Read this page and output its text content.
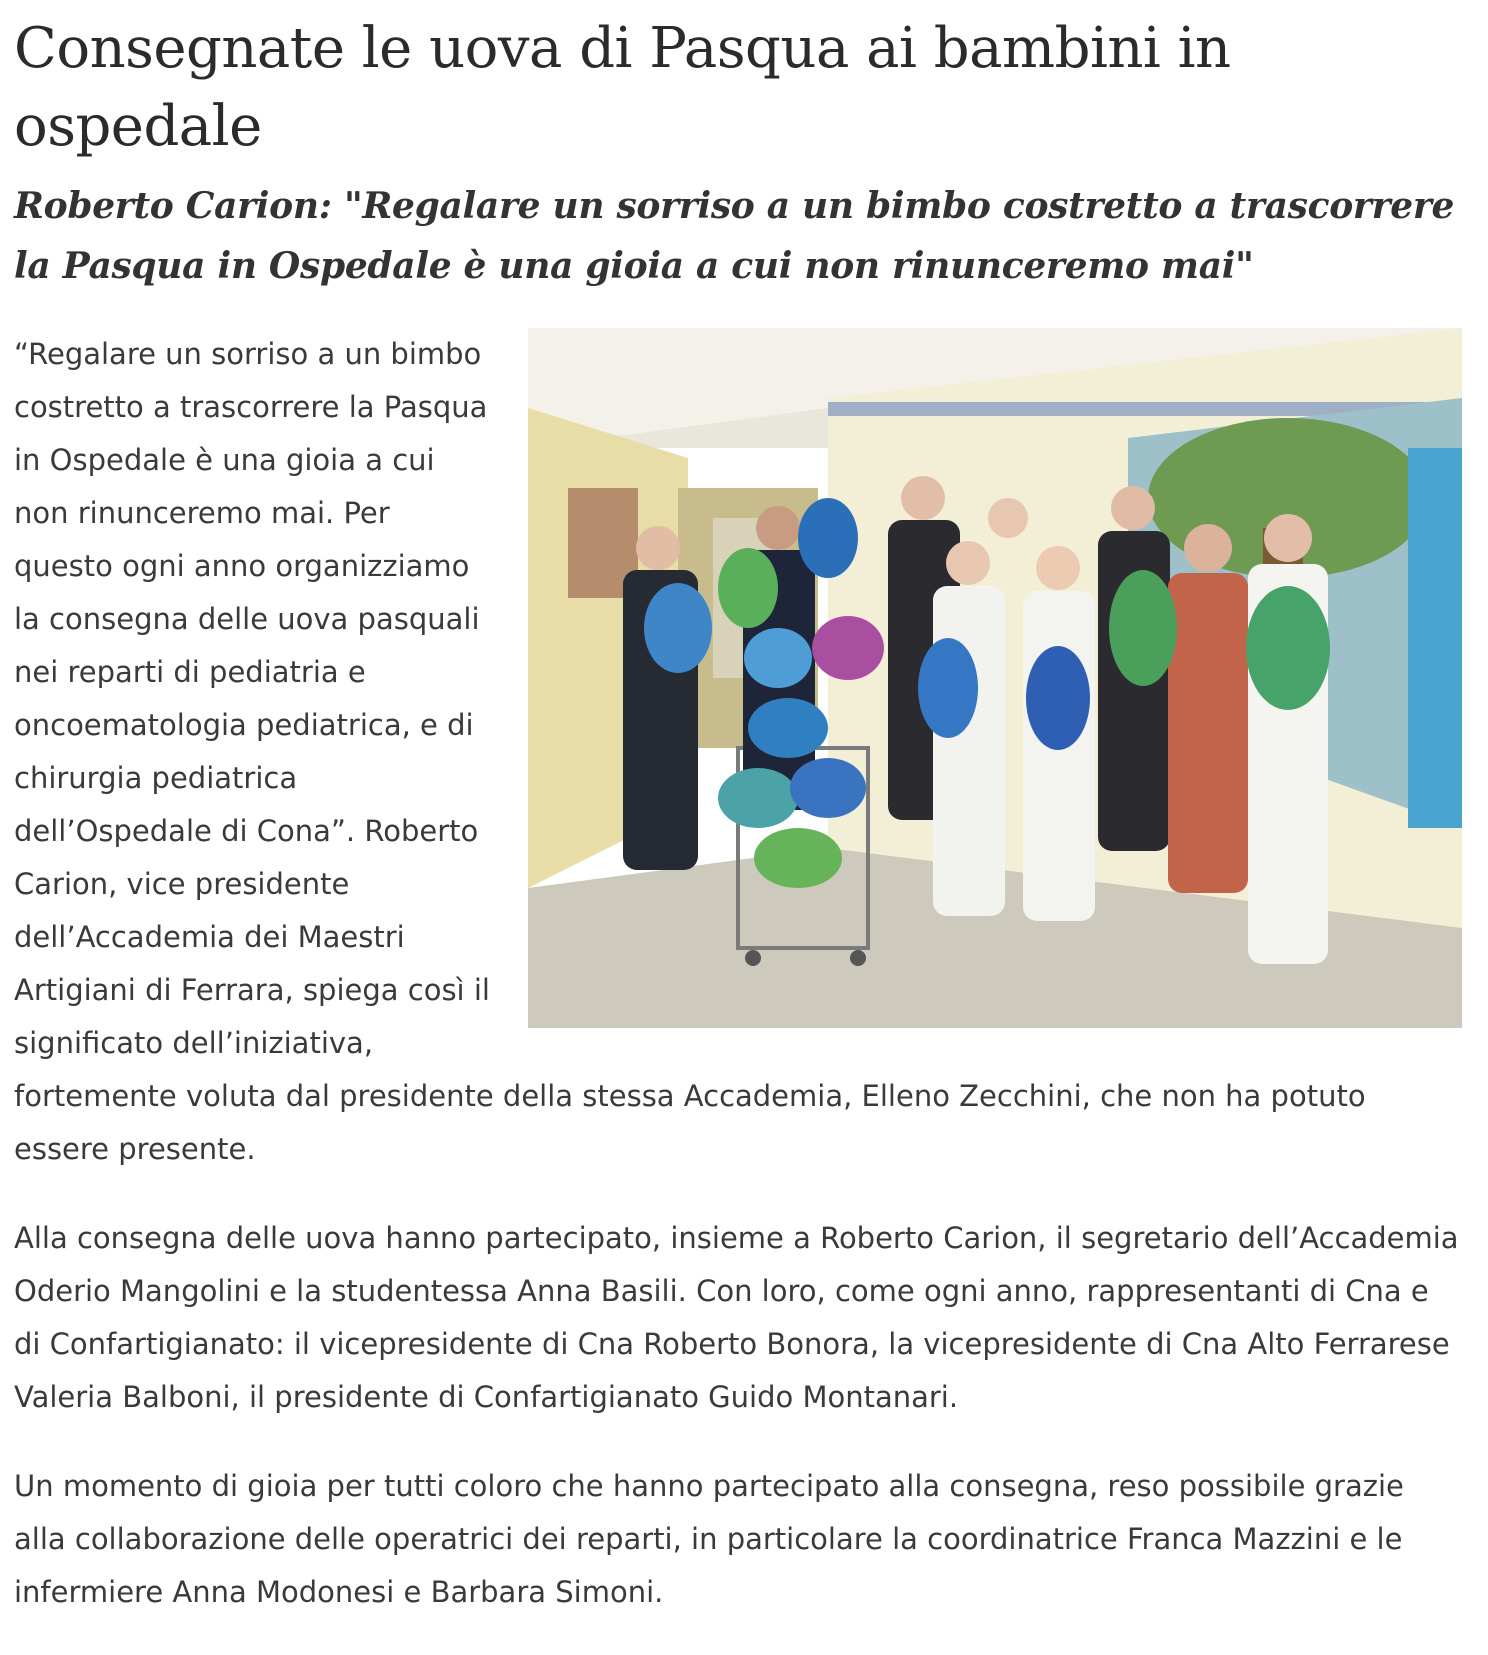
Consegnate le uova di Pasqua ai bambini in ospedale
Roberto Carion: "Regalare un sorriso a un bimbo costretto a trascorrere la Pasqua in Ospedale è una gioia a cui non rinunceremo mai"

“Regalare un sorriso a un bimbo costretto a trascorrere la Pasqua in Ospedale è una gioia a cui non rinunceremo mai. Per questo ogni anno organizziamo la consegna delle uova pasquali nei reparti di pediatria e oncoematologia pediatrica, e di chirurgia pediatrica dell’Ospedale di Cona”. Roberto Carion, vice presidente dell’Accademia dei Maestri Artigiani di Ferrara, spiega così il significato dell’iniziativa, fortemente voluta dal presidente della stessa Accademia, Elleno Zecchini, che non ha potuto essere presente.

Alla consegna delle uova hanno partecipato, insieme a Roberto Carion, il segretario dell’Accademia Oderio Mangolini e la studentessa Anna Basili. Con loro, come ogni anno, rappresentanti di Cna e di Confartigianato: il vicepresidente di Cna Roberto Bonora, la vicepresidente di Cna Alto Ferrarese Valeria Balboni, il presidente di Confartigianato Guido Montanari.

Un momento di gioia per tutti coloro che hanno partecipato alla consegna, reso possibile grazie alla collaborazione delle operatrici dei reparti, in particolare la coordinatrice Franca Mazzini e le infermiere Anna Modonesi e Barbara Simoni.
